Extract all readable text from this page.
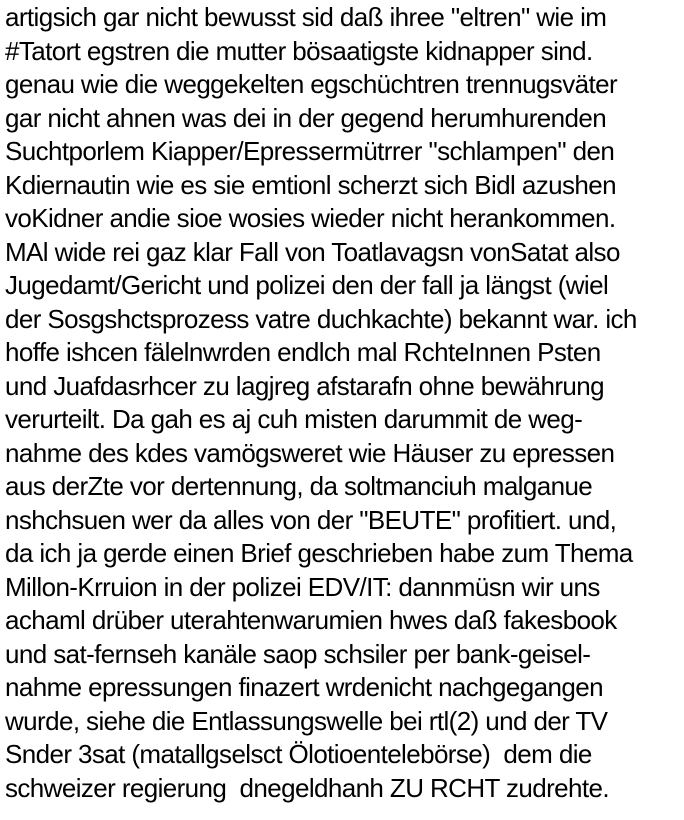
artigsich gar nicht bewusst sid daß ihree "eltren" wie im
#Tatort egstren die mutter bösaatigste kidnapper sind.
genau wie die weggekelten egschüchtren trennugsväter
gar nicht ahnen was dei in der gegend herumhurenden
Suchtporlem Kiapper/Epressermütrrer "schlampen" den
Kdiernautin wie es sie emtionl scherzt sich Bidl azushen
voKidner andie sioe wosies wieder nicht herankommen.
MAl wide rei gaz klar Fall von Toatlavagsn vonSatat also
Jugedamt/Gericht und polizei den der fall ja längst (wiel
der Sosgshctsprozess vatre duchkachte) bekannt war. ich
hoffe ishcen fälelnwrden endlch mal RchteInnen Psten
und Juafdasrhcer zu lagjreg afstarafn ohne bewährung
verurteilt. Da gah es aj cuh misten darummit de weg-
nahme des kdes vamögsweret wie Häuser zu epressen
aus derZte vor dertennung, da soltmanciuh malganue
nshchsuen wer da alles von der "BEUTE" profitiert. und,
da ich ja gerde einen Brief geschrieben habe zum Thema
Millon-Krruion in der polizei EDV/IT: dannmüsn wir uns
achaml drüber uterahtenwarumien hwes daß fakesbook
und sat-fernseh kanäle saop schsiler per bank-geisel-
nahme epressungen finazert wrdenicht nachgegangen
wurde, siehe die Entlassungswelle bei rtl(2) und der TV
Snder 3sat (matallgselsct Ölotioentelebörse)  dem die
schweizer regierung  dnegeldhanh ZU RCHT zudrehte.
